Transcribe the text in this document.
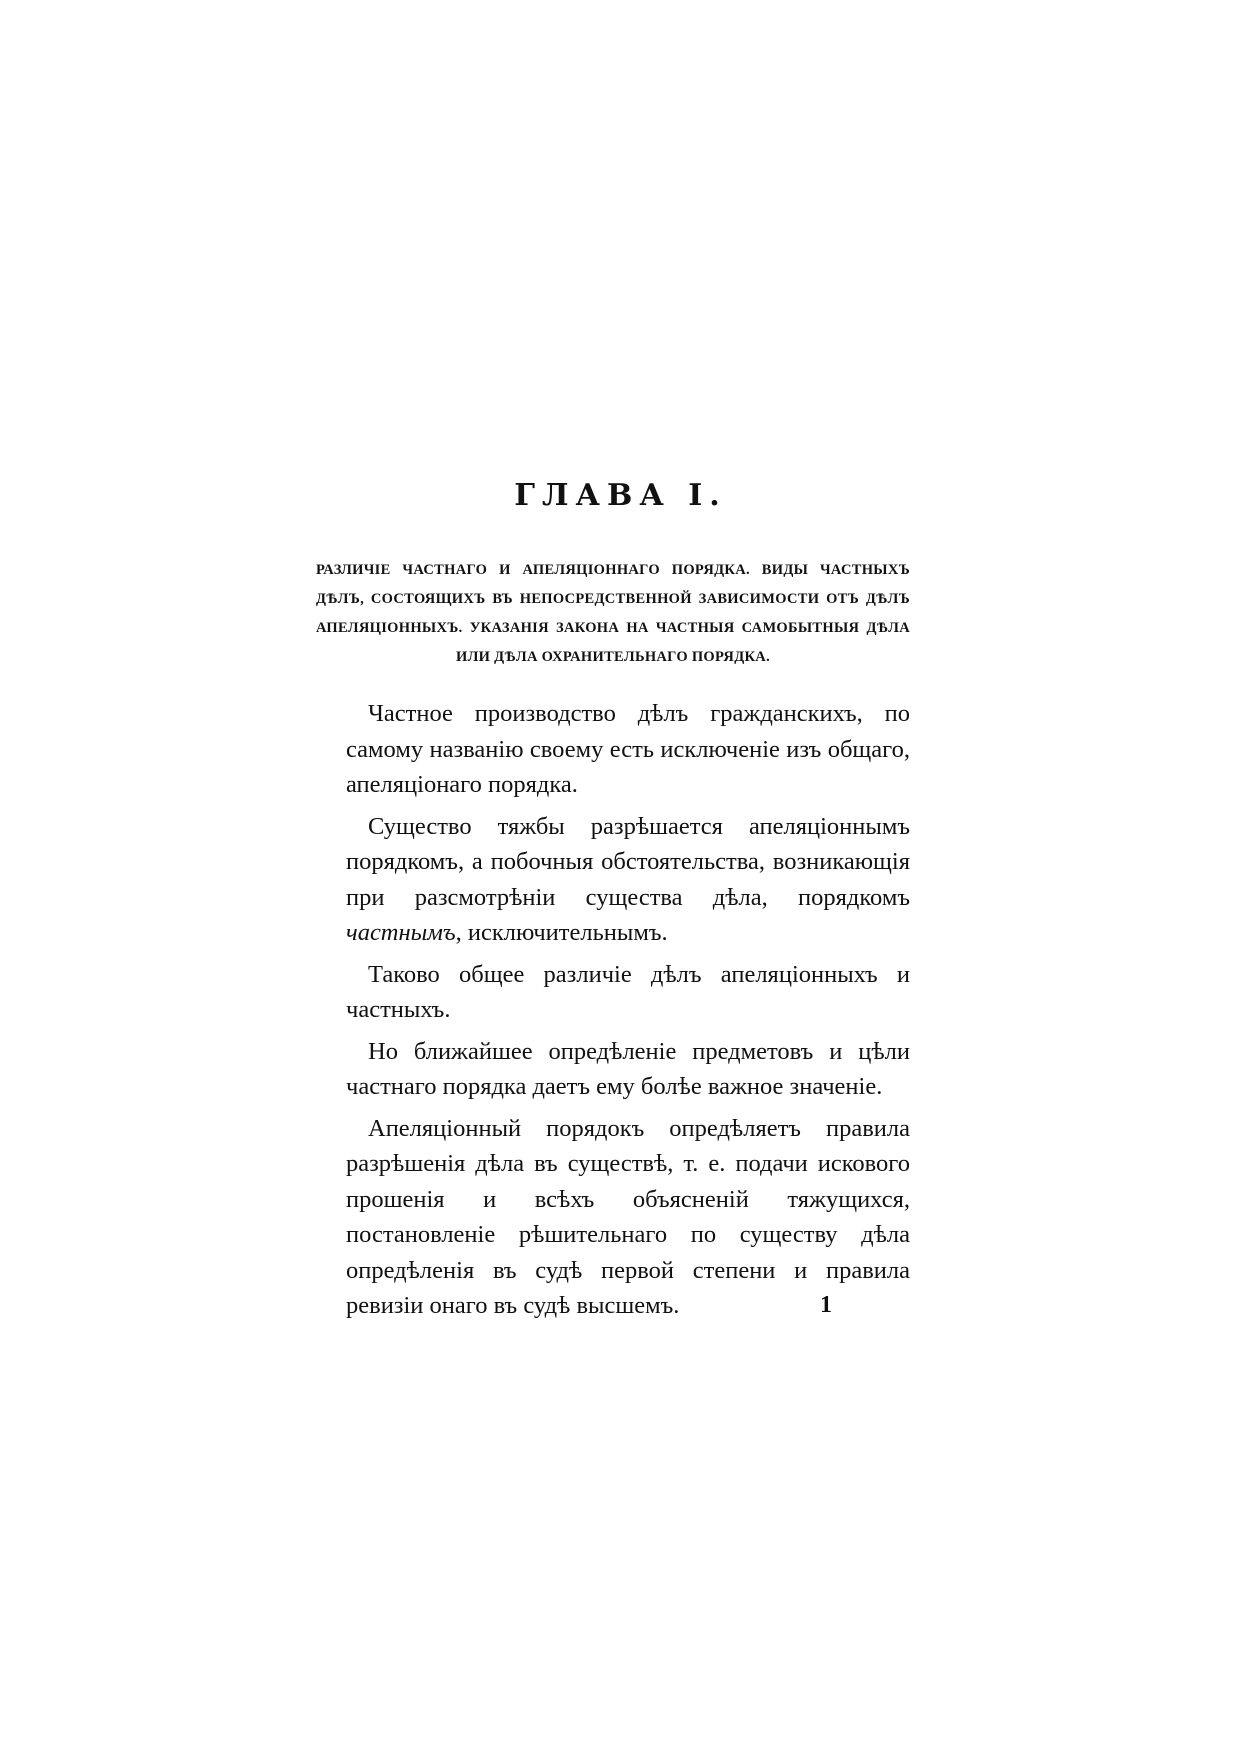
ГЛАВА I.

РАЗЛИЧІЕ ЧАСТНАГО И АПЕЛЯЦІОННАГО ПОРЯДКА. ВИДЫ ЧАСТНЫХЪ ДѢЛЪ, СОСТОЯЩИХЪ ВЪ НЕПОСРЕДСТВЕННОЙ ЗАВИСИМОСТИ ОТЪ ДѢЛЪ АПЕЛЯЦІОННЫХЪ. УКАЗАНІЯ ЗАКОНА НА ЧАСТНЫЯ САМОБЫТНЫЯ ДѢЛА ИЛИ ДѢЛА ОХРАНИТЕЛЬНАГО ПОРЯДКА.

Частное производство дѣлъ гражданскихъ, по самому названію своему есть исключеніе изъ общаго, апеляціонаго порядка.

Существо тяжбы разрѣшается апеляціоннымъ порядкомъ, а побочныя обстоятельства, возникающія при разсмотрѣніи существа дѣла, порядкомъ частнымъ, исключительнымъ.

Таково общее различіе дѣлъ апеляціонныхъ и частныхъ.

Но ближайшее опредѣленіе предметовъ и цѣли частнаго порядка даетъ ему болѣе важное значеніе.

Апеляціонный порядокъ опредѣляетъ правила разрѣшенія дѣла въ существѣ, т. е. подачи искового прошенія и всѣхъ объясненій тяжущихся, постановленіе рѣшительнаго по существу дѣла опредѣленія въ судѣ первой степени и правила ревизіи онаго въ судѣ высшемъ.	1
